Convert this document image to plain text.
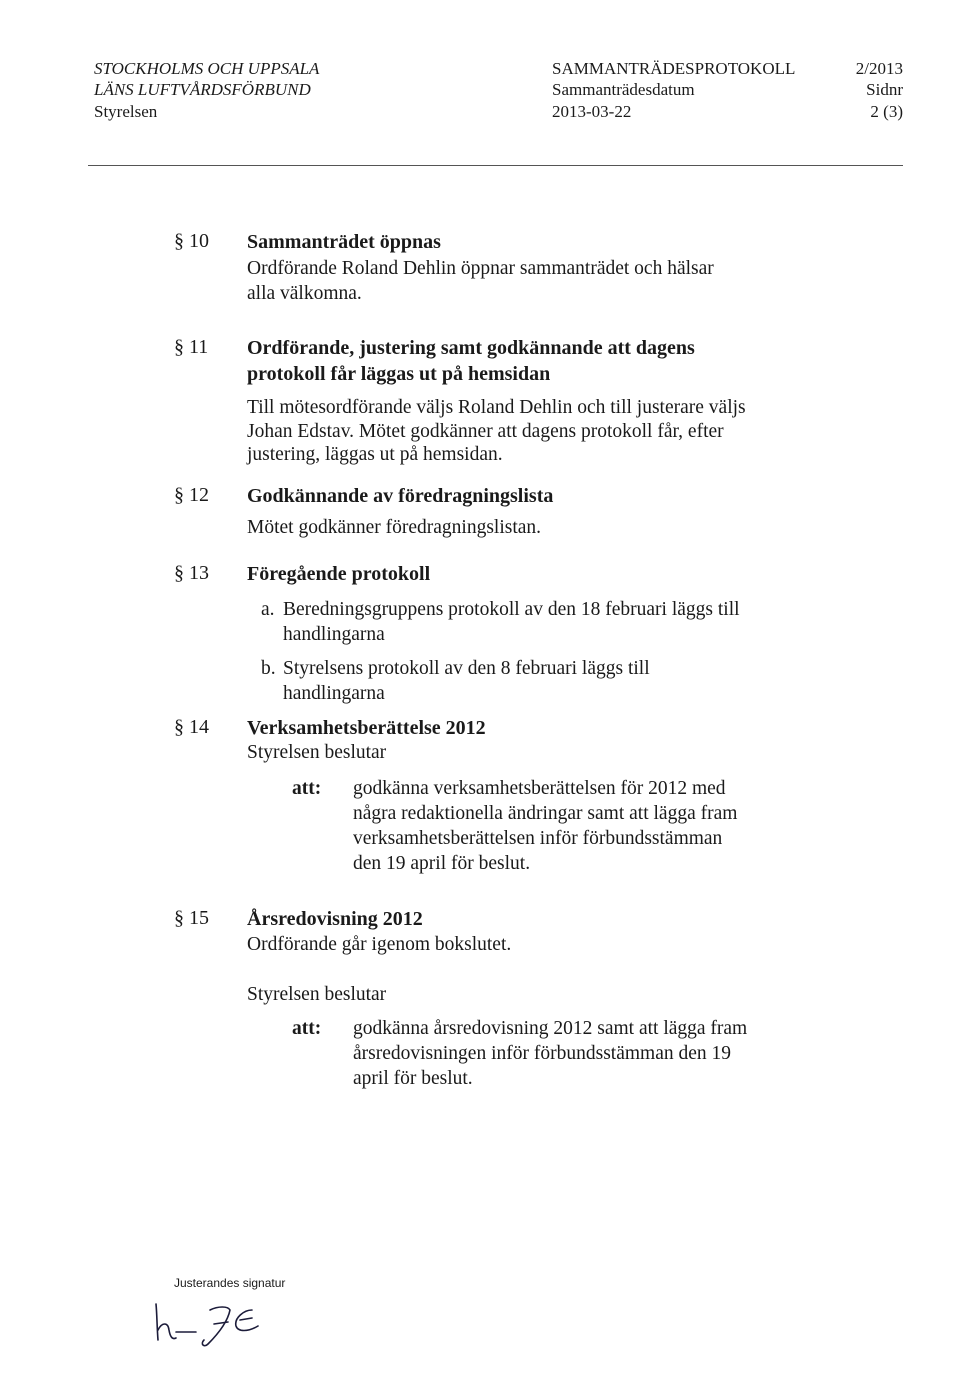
STOCKHOLMS OCH UPPSALA
LÄNS LUFTVÅRDSFÖRBUND
Styrelsen
SAMMANTRÄDESPROTOKOLL
Sammanträdesdatum
2013-03-22
2/2013
Sidnr
2 (3)
§ 10 Sammanträdet öppnas
Ordförande Roland Dehlin öppnar sammanträdet och hälsar
alla välkomna.
§ 11 Ordförande, justering samt godkännande att dagens
protokoll får läggas ut på hemsidan
Till mötesordförande väljs Roland Dehlin och till justerare väljs
Johan Edstav. Mötet godkänner att dagens protokoll får, efter
justering, läggas ut på hemsidan.
§ 12 Godkännande av föredragningslista
Mötet godkänner föredragningslistan.
§ 13 Föregående protokoll
a. Beredningsgruppens protokoll av den 18 februari läggs till
handlingarna
b. Styrelsens protokoll av den 8 februari läggs till
handlingarna
§ 14 Verksamhetsberättelse 2012
Styrelsen beslutar
att: godkänna verksamhetsberättelsen för 2012 med
några redaktionella ändringar samt att lägga fram
verksamhetsberättelsen inför förbundsstämman
den 19 april för beslut.
§ 15 Årsredovisning 2012
Ordförande går igenom bokslutet.
Styrelsen beslutar
att: godkänna årsredovisning 2012 samt att lägga fram
årsredovisningen inför förbundsstämman den 19
april för beslut.
Justerandes signatur
